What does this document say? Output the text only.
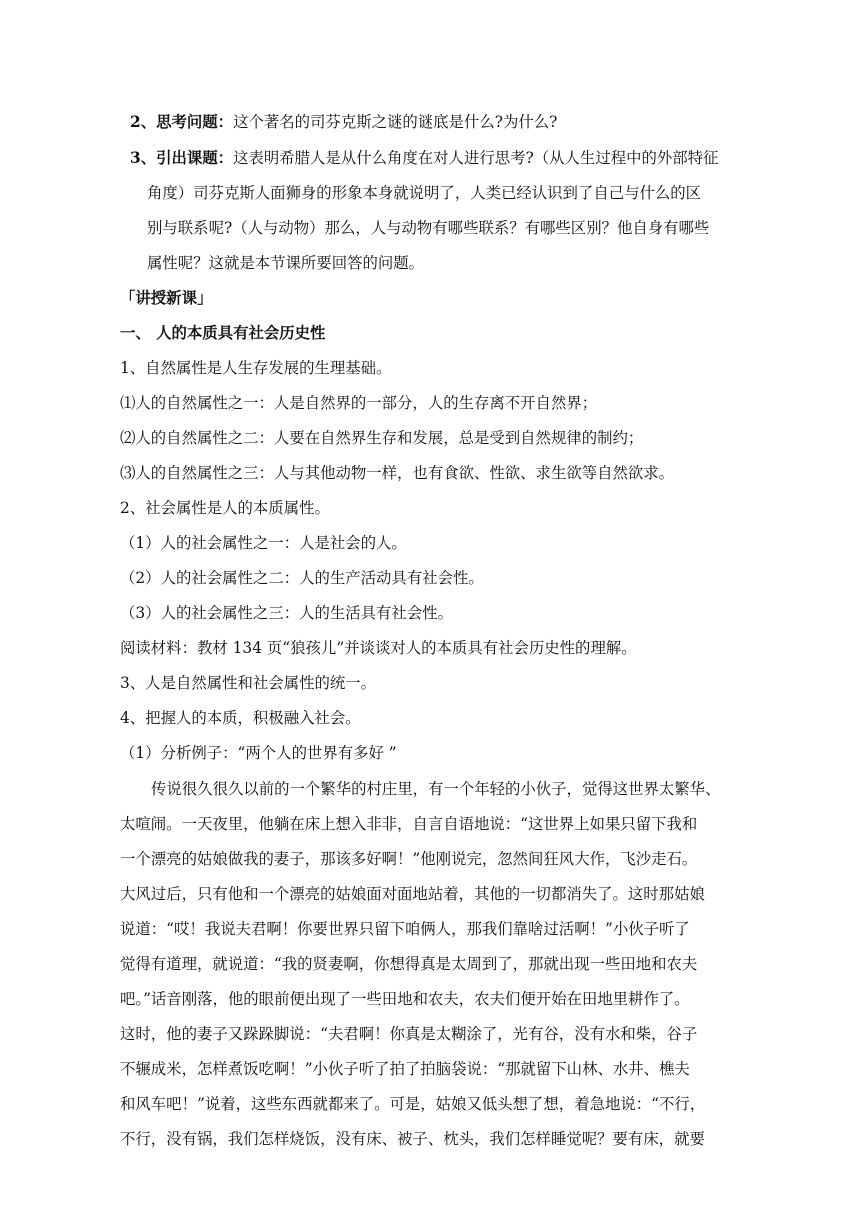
2、思考问题：这个著名的司芬克斯之谜的谜底是什么?为什么?

3、引出课题：这表明希腊人是从什么角度在对人进行思考?（从人生过程中的外部特征

角度）司芬克斯人面狮身的形象本身就说明了，人类已经认识到了自己与什么的区

别与联系呢?（人与动物）那么，人与动物有哪些联系？有哪些区别？他自身有哪些

属性呢？这就是本节课所要回答的问题。

「讲授新课」

一、 人的本质具有社会历史性

1、自然属性是人生存发展的生理基础。

⑴人的自然属性之一：人是自然界的一部分，人的生存离不开自然界；

⑵人的自然属性之二：人要在自然界生存和发展，总是受到自然规律的制约；

⑶人的自然属性之三：人与其他动物一样，也有食欲、性欲、求生欲等自然欲求。

2、社会属性是人的本质属性。

（1）人的社会属性之一：人是社会的人。

（2）人的社会属性之二：人的生产活动具有社会性。

（3）人的社会属性之三：人的生活具有社会性。

阅读材料：教材 134 页“狼孩儿”并谈谈对人的本质具有社会历史性的理解。

3、人是自然属性和社会属性的统一。

4、把握人的本质，积极融入社会。

（1）分析例子：“两个人的世界有多好 ”

传说很久很久以前的一个繁华的村庄里，有一个年轻的小伙子，觉得这世界太繁华、

太喧闹。一天夜里，他躺在床上想入非非，自言自语地说：“这世界上如果只留下我和

一个漂亮的姑娘做我的妻子，那该多好啊！”他刚说完，忽然间狂风大作，飞沙走石。

大风过后，只有他和一个漂亮的姑娘面对面地站着，其他的一切都消失了。这时那姑娘

说道：“哎！我说夫君啊！你要世界只留下咱俩人，那我们靠啥过活啊！”小伙子听了

觉得有道理，就说道：“我的贤妻啊，你想得真是太周到了，那就出现一些田地和农夫

吧。”话音刚落，他的眼前便出现了一些田地和农夫，农夫们便开始在田地里耕作了。

这时，他的妻子又跺跺脚说：“夫君啊！你真是太糊涂了，光有谷，没有水和柴，谷子

不辗成米，怎样煮饭吃啊！”小伙子听了拍了拍脑袋说：“那就留下山林、水井、樵夫

和风车吧！”说着，这些东西就都来了。可是，姑娘又低头想了想，着急地说：“不行，

不行，没有锅，我们怎样烧饭，没有床、被子、枕头，我们怎样睡觉呢？要有床，就要
